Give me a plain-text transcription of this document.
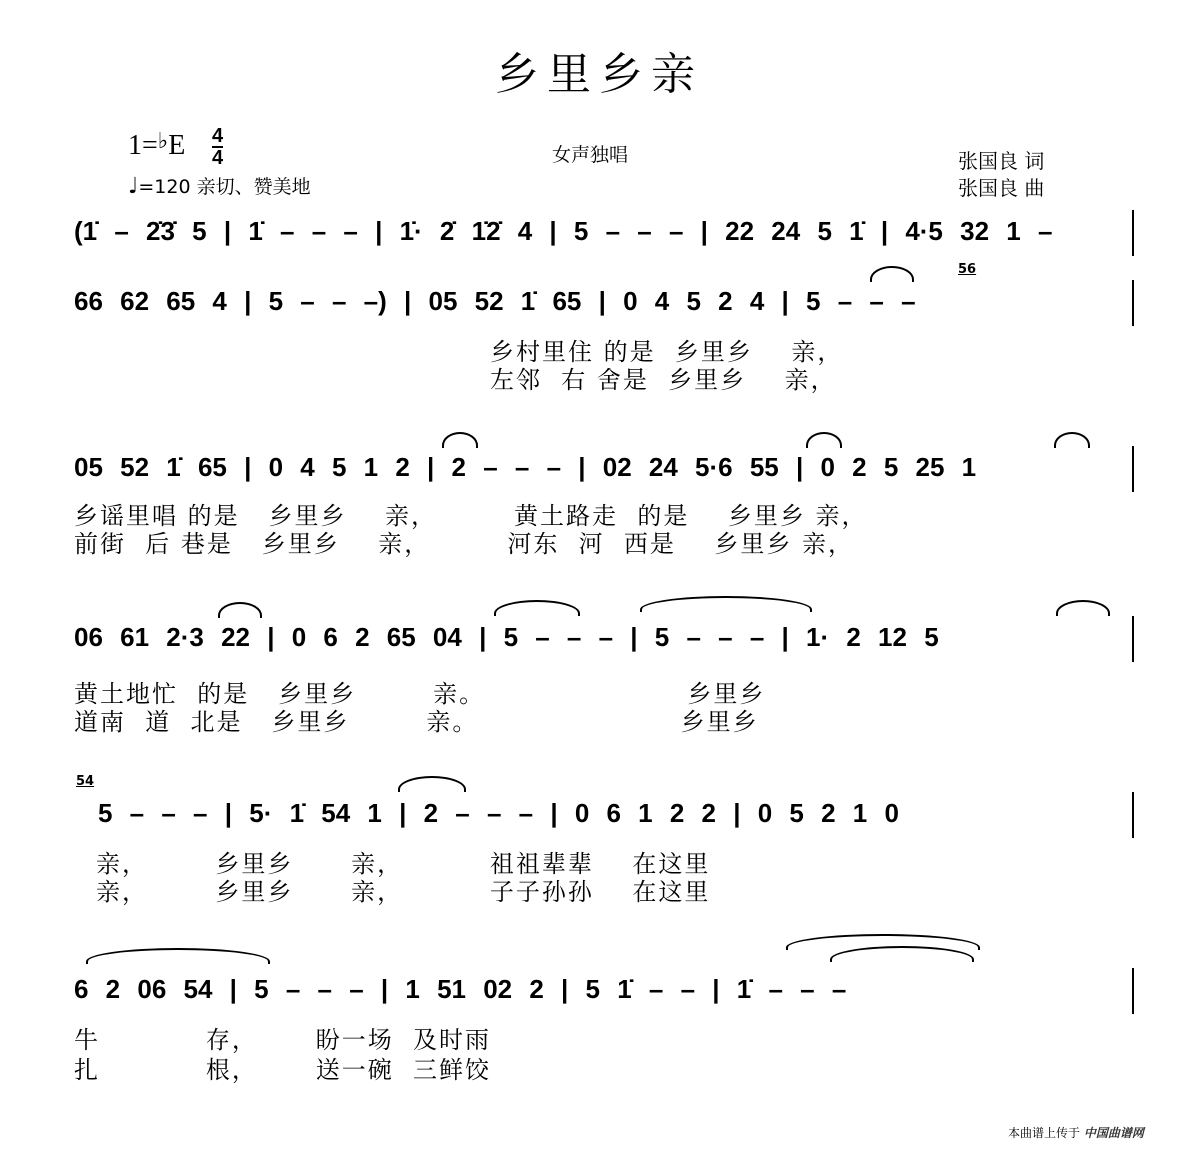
乡里乡亲
$1=^♭E \frac{4}{4}$
♩=120 亲切、赞美地
女声独唱	张国良 词
张国良 曲
(1̇ – 2̇3̇ 5 | 1̇ – – – | 1̇· 2̇ 1̇2̇ 4 | 5 – – – | 22 24 5 1̇ | 4·5 32 1 –
56
66 62 65 4 | 5 – – –) | 05 52 1̇ 65 | 0 4 5 2 4 | 5 – – –
乡村里住 的是  乡里乡    亲，
左邻  右 舍是  乡里乡    亲，
05 52 1̇ 65 | 0 4 5 1 2 | 2 – – – | 02 24 5·6 55 | 0 2 5 25 1
乡谣里唱 的是   乡里乡    亲，        黄土路走  的是    乡里乡 亲，
前街  后 巷是   乡里乡    亲，        河东  河  西是    乡里乡 亲，
06 61 2·3 22 | 0 6 2 65 04 | 5 – – – | 5 – – – | 1· 2 12 5
黄土地忙  的是   乡里乡        亲。                     乡里乡
道南  道  北是   乡里乡        亲。                     乡里乡
54
5 – – – | 5· 1̇ 54 1 | 2 – – – | 0 6 1 2 2 | 0 5 2 1 0
亲，       乡里乡      亲，         祖祖辈辈    在这里
亲，       乡里乡      亲，         子子孙孙    在这里
6 2 06 54 | 5 – – – | 1 51 02 2 | 5 1̇ – – | 1̇ – – –
牛           存，      盼一场  及时雨
扎           根，      送一碗  三鲜饺
本曲谱上传于 中国曲谱网
